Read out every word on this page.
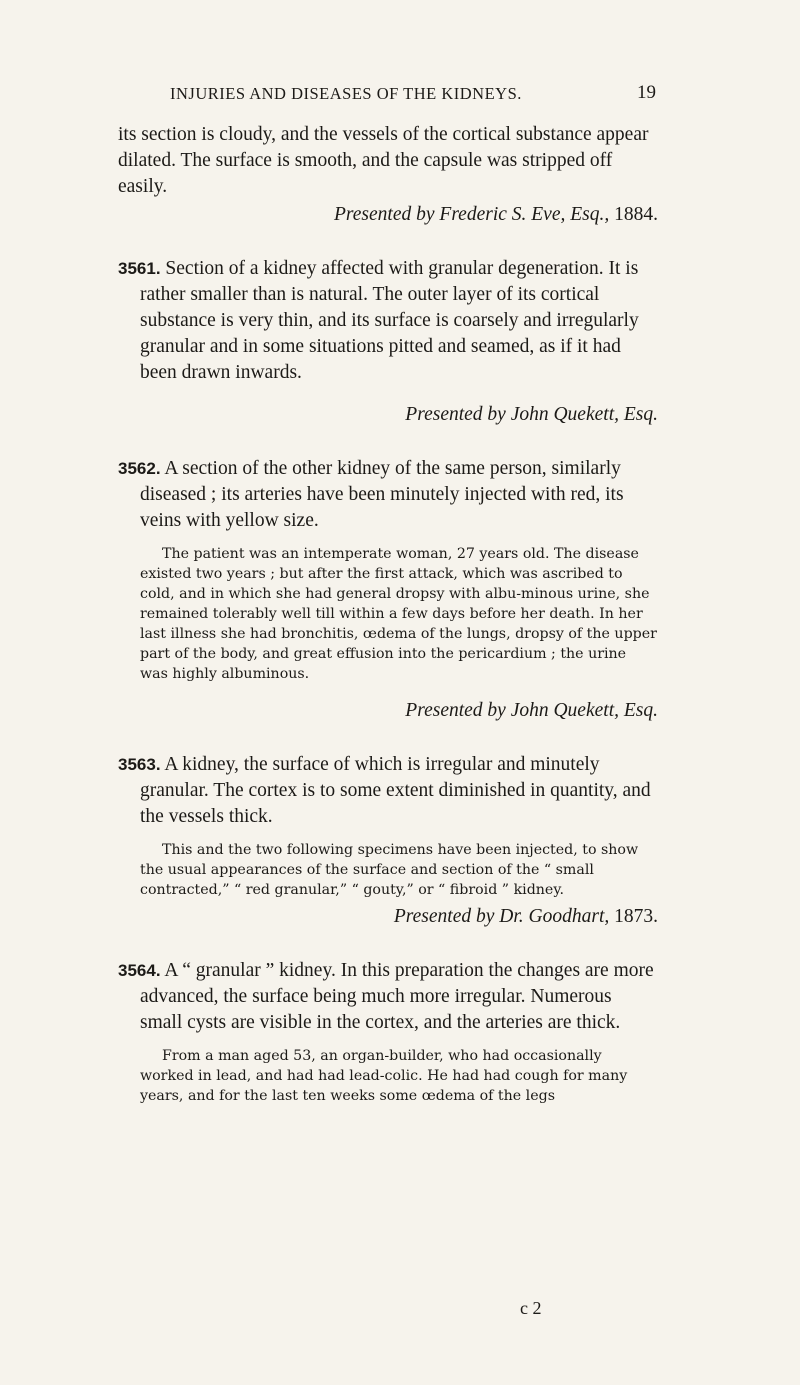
INJURIES AND DISEASES OF THE KIDNEYS.	19

its section is cloudy, and the vessels of the cortical substance appear dilated. The surface is smooth, and the capsule was stripped off easily.

Presented by Frederic S. Eve, Esq., 1884.

3561. Section of a kidney affected with granular degeneration. It is rather smaller than is natural. The outer layer of its cortical substance is very thin, and its surface is coarsely and irregularly granular and in some situations pitted and seamed, as if it had been drawn inwards.

Presented by John Quekett, Esq.

3562. A section of the other kidney of the same person, similarly diseased ; its arteries have been minutely injected with red, its veins with yellow size.

The patient was an intemperate woman, 27 years old. The disease existed two years ; but after the first attack, which was ascribed to cold, and in which she had general dropsy with albu-minous urine, she remained tolerably well till within a few days before her death. In her last illness she had bronchitis, œdema of the lungs, dropsy of the upper part of the body, and great effusion into the pericardium ; the urine was highly albuminous.

Presented by John Quekett, Esq.

3563. A kidney, the surface of which is irregular and minutely granular. The cortex is to some extent diminished in quantity, and the vessels thick.

This and the two following specimens have been injected, to show the usual appearances of the surface and section of the “ small contracted,” “ red granular,” “ gouty,” or “ fibroid ” kidney.

Presented by Dr. Goodhart, 1873.

3564. A “ granular ” kidney. In this preparation the changes are more advanced, the surface being much more irregular. Numerous small cysts are visible in the cortex, and the arteries are thick.

From a man aged 53, an organ-builder, who had occasionally worked in lead, and had had lead-colic. He had had cough for many years, and for the last ten weeks some œdema of the legs

c 2
